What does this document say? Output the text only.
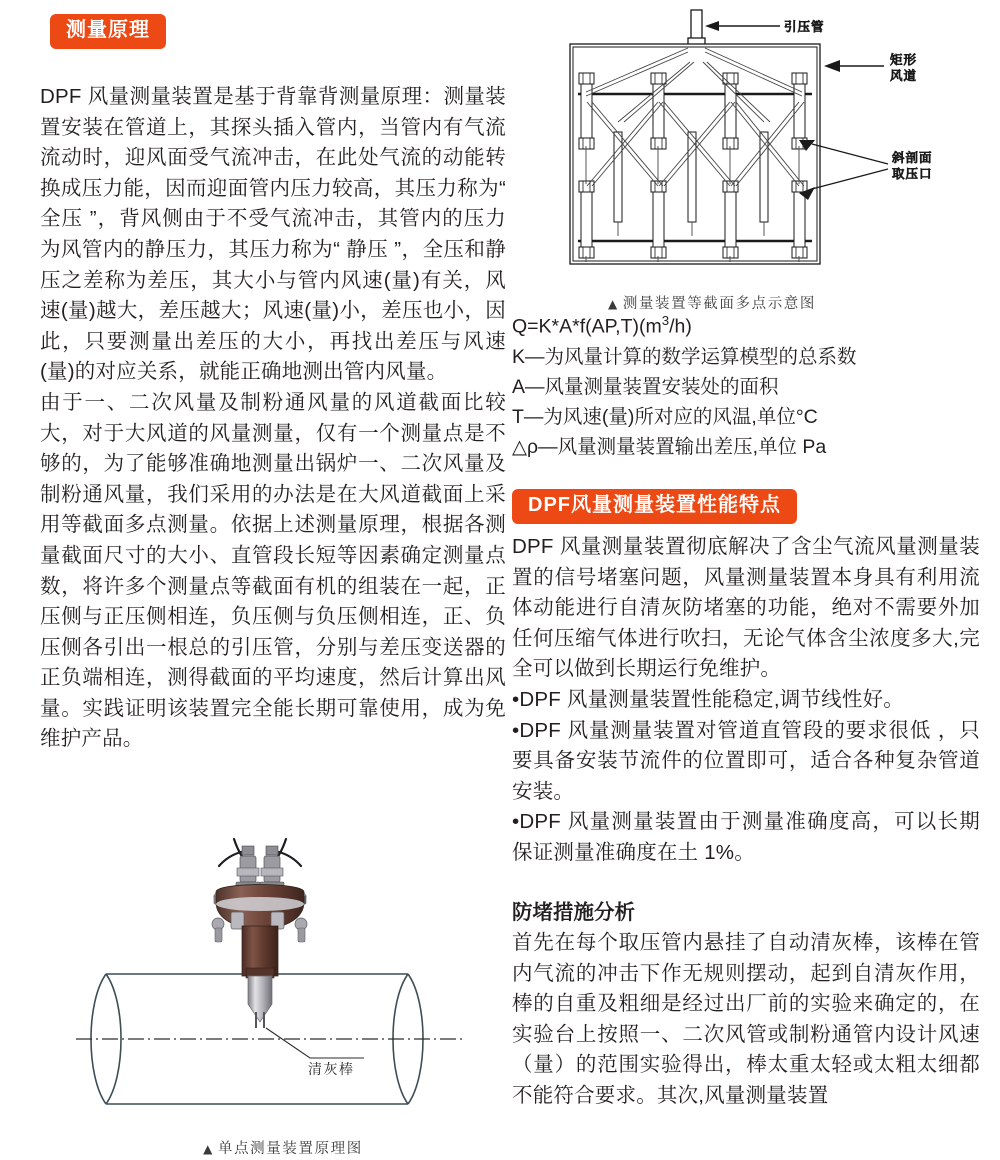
测量原理

DPF 风量测量装置是基于背靠背测量原理：测量装置安装在管道上，其探头插入管内，当管内有气流流动时，迎风面受气流冲击，在此处气流的动能转换成压力能，因而迎面管内压力较高，其压力称为“ 全压 ”，背风侧由于不受气流冲击，其管内的压力为风管内的静压力，其压力称为“ 静压 ”，全压和静压之差称为差压，其大小与管内风速(量)有关，风速(量)越大，差压越大；风速(量)小，差压也小，因此，只要测量出差压的大小，再找出差压与风速(量)的对应关系，就能正确地测出管内风量。

由于一、二次风量及制粉通风量的风道截面比较大，对于大风道的风量测量，仅有一个测量点是不够的，为了能够准确地测量出锅炉一、二次风量及制粉通风量，我们采用的办法是在大风道截面上采用等截面多点测量。依据上述测量原理，根据各测量截面尺寸的大小、直管段长短等因素确定测量点数，将许多个测量点等截面有机的组装在一起，正压侧与正压侧相连，负压侧与负压侧相连，正、负压侧各引出一根总的引压管，分别与差压变送器的正负端相连，测得截面的平均速度，然后计算出风量。实践证明该装置完全能长期可靠使用，成为免维护产品。

清灰棒
▲ 单点测量装置原理图
引压管
矩形
风道
斜剖面
取压口
▲ 测量装置等截面多点示意图

$Q=K*A*f(AP,T)(m^3/h)$

K—为风量计算的数学运算模型的总系数

A—风量测量装置安装处的面积

T—为风速(量)所对应的风温,单位°C

△ρ—风量测量装置输出差压,单位 Pa

DPF风量测量装置性能特点

DPF 风量测量装置彻底解决了含尘气流风量测量装置的信号堵塞问题，风量测量装置本身具有利用流体动能进行自清灰防堵塞的功能，绝对不需要外加任何压缩气体进行吹扫，无论气体含尘浓度多大,完全可以做到长期运行免维护。

•DPF 风量测量装置性能稳定,调节线性好。

•DPF 风量测量装置对管道直管段的要求很低 ，只要具备安装节流件的位置即可，适合各种复杂管道安装。

•DPF 风量测量装置由于测量准确度高，可以长期保证测量准确度在土 1%。

防堵措施分析

首先在每个取压管内悬挂了自动清灰棒，该棒在管内气流的冲击下作无规则摆动，起到自清灰作用，棒的自重及粗细是经过出厂前的实验来确定的，在实验台上按照一、二次风管或制粉通管内设计风速（量）的范围实验得出，棒太重太轻或太粗太细都不能符合要求。其次,风量测量装置
